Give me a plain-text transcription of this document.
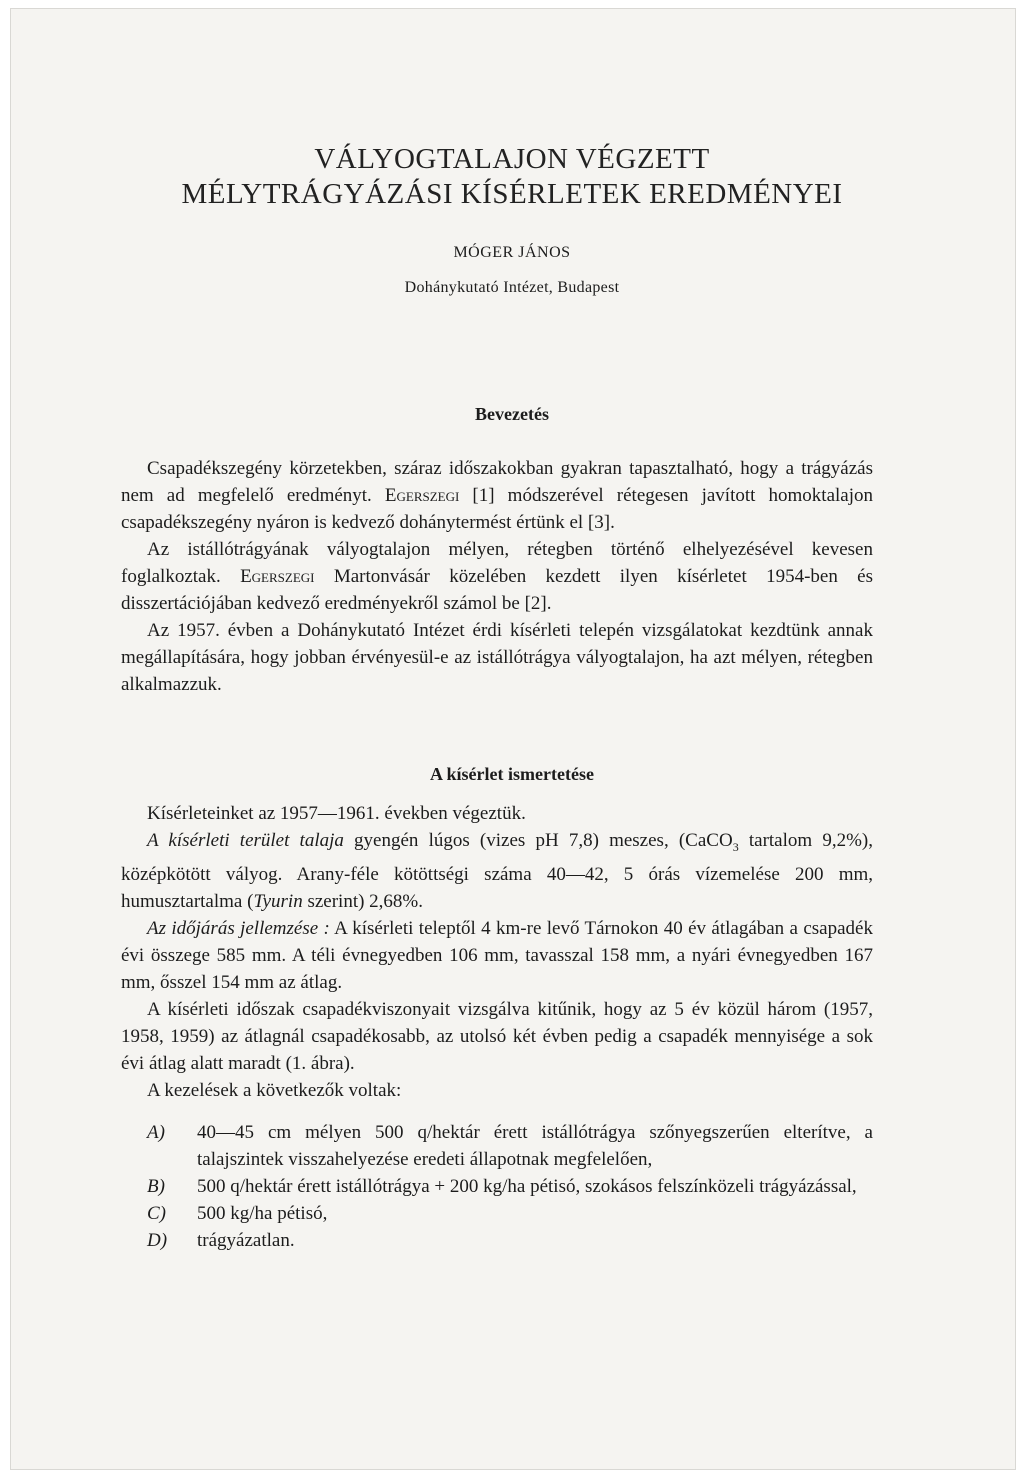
VÁLYOGTALAJON VÉGZETT
MÉLYTRÁGYÁZÁSI KÍSÉRLETEK EREDMÉNYEI
MÓGER JÁNOS
Dohánykutató Intézet, Budapest
Bevezetés

Csapadékszegény körzetekben, száraz időszakokban gyakran tapasztalható, hogy a trágyázás nem ad megfelelő eredményt. Egerszegi [1] módszerével rétegesen javított homoktalajon csapadékszegény nyáron is kedvező dohánytermést értünk el [3].

Az istállótrágyának vályogtalajon mélyen, rétegben történő elhelyezésével kevesen foglalkoztak. Egerszegi Martonvásár közelében kezdett ilyen kísérletet 1954-ben és disszertációjában kedvező eredményekről számol be [2].

Az 1957. évben a Dohánykutató Intézet érdi kísérleti telepén vizsgálatokat kezdtünk annak megállapítására, hogy jobban érvényesül-e az istállótrágya vályogtalajon, ha azt mélyen, rétegben alkalmazzuk.

A kísérlet ismertetése

Kísérleteinket az 1957—1961. években végeztük.

A kísérleti terület talaja gyengén lúgos (vizes pH 7,8) meszes, (CaCO$_3$ tartalom 9,2%), középkötött vályog. Arany-féle kötöttségi száma 40—42, 5 órás vízemelése 200 mm, humusztartalma (Tyurin szerint) 2,68%.

Az időjárás jellemzése : A kísérleti teleptől 4 km-re levő Tárnokon 40 év átlagában a csapadék évi összege 585 mm. A téli évnegyedben 106 mm, tavasszal 158 mm, a nyári évnegyedben 167 mm, ősszel 154 mm az átlag.

A kísérleti időszak csapadékviszonyait vizsgálva kitűnik, hogy az 5 év közül három (1957, 1958, 1959) az átlagnál csapadékosabb, az utolsó két évben pedig a csapadék mennyisége a sok évi átlag alatt maradt (1. ábra).

A kezelések a következők voltak:

A)	40—45 cm mélyen 500 q/hektár érett istállótrágya szőnyegszerűen elterítve, a talajszintek visszahelyezése eredeti állapotnak megfelelően,
B)	500 q/hektár érett istállótrágya + 200 kg/ha pétisó, szokásos felszínközeli trágyázással,
C)	500 kg/ha pétisó,
D)	trágyázatlan.
